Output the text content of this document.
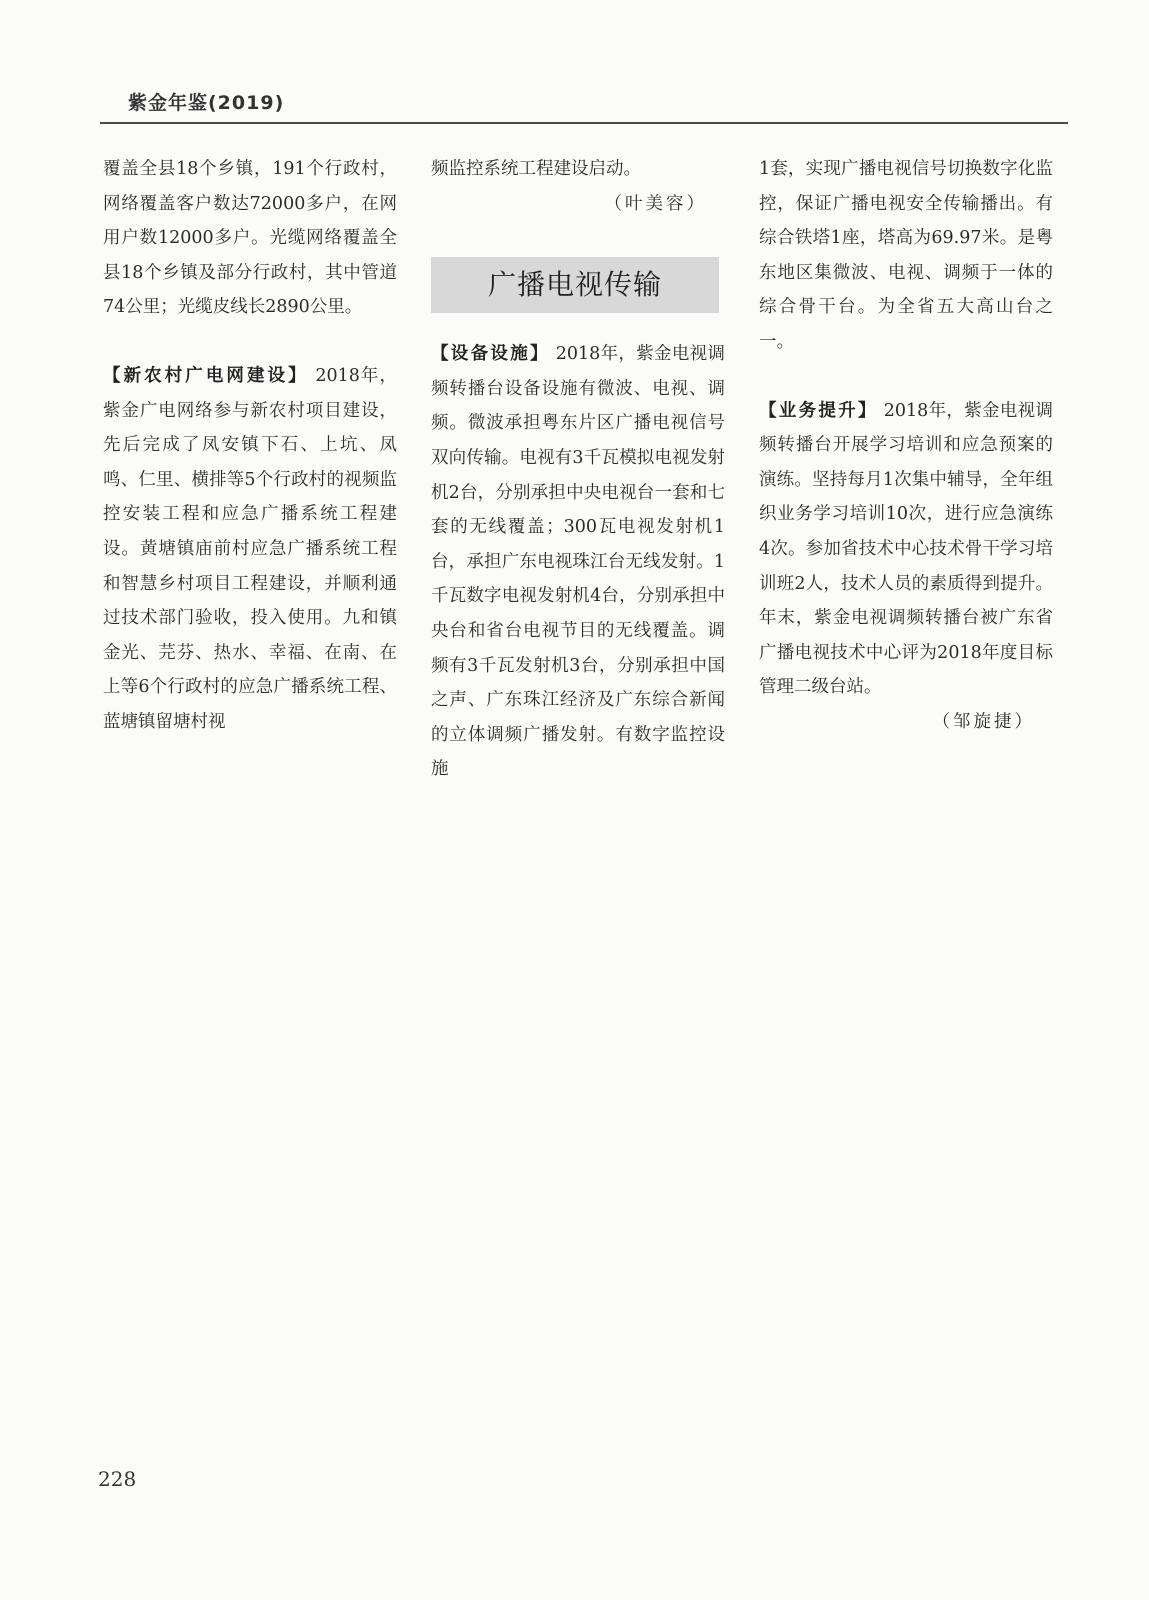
紫金年鉴(2019)

覆盖全县18个乡镇，191个行政村，网络覆盖客户数达72000多户，在网用户数12000多户。光缆网络覆盖全县18个乡镇及部分行政村，其中管道74公里；光缆皮线长2890公里。

【新农村广电网建设】 2018年，紫金广电网络参与新农村项目建设，先后完成了凤安镇下石、上坑、凤鸣、仁里、横排等5个行政村的视频监控安装工程和应急广播系统工程建设。黄塘镇庙前村应急广播系统工程和智慧乡村项目工程建设，并顺利通过技术部门验收，投入使用。九和镇金光、芫芬、热水、幸福、在南、在上等6个行政村的应急广播系统工程、蓝塘镇留塘村视

频监控系统工程建设启动。

（叶美容）

广播电视传输

【设备设施】 2018年，紫金电视调频转播台设备设施有微波、电视、调频。微波承担粤东片区广播电视信号双向传输。电视有3千瓦模拟电视发射机2台，分别承担中央电视台一套和七套的无线覆盖；300瓦电视发射机1台，承担广东电视珠江台无线发射。1千瓦数字电视发射机4台，分别承担中央台和省台电视节目的无线覆盖。调频有3千瓦发射机3台，分别承担中国之声、广东珠江经济及广东综合新闻的立体调频广播发射。有数字监控设施

1套，实现广播电视信号切换数字化监控，保证广播电视安全传输播出。有综合铁塔1座，塔高为69.97米。是粤东地区集微波、电视、调频于一体的综合骨干台。为全省五大高山台之一。

【业务提升】 2018年，紫金电视调频转播台开展学习培训和应急预案的演练。坚持每月1次集中辅导，全年组织业务学习培训10次，进行应急演练4次。参加省技术中心技术骨干学习培训班2人，技术人员的素质得到提升。年末，紫金电视调频转播台被广东省广播电视技术中心评为2018年度目标管理二级台站。

（邹旋捷）

228
